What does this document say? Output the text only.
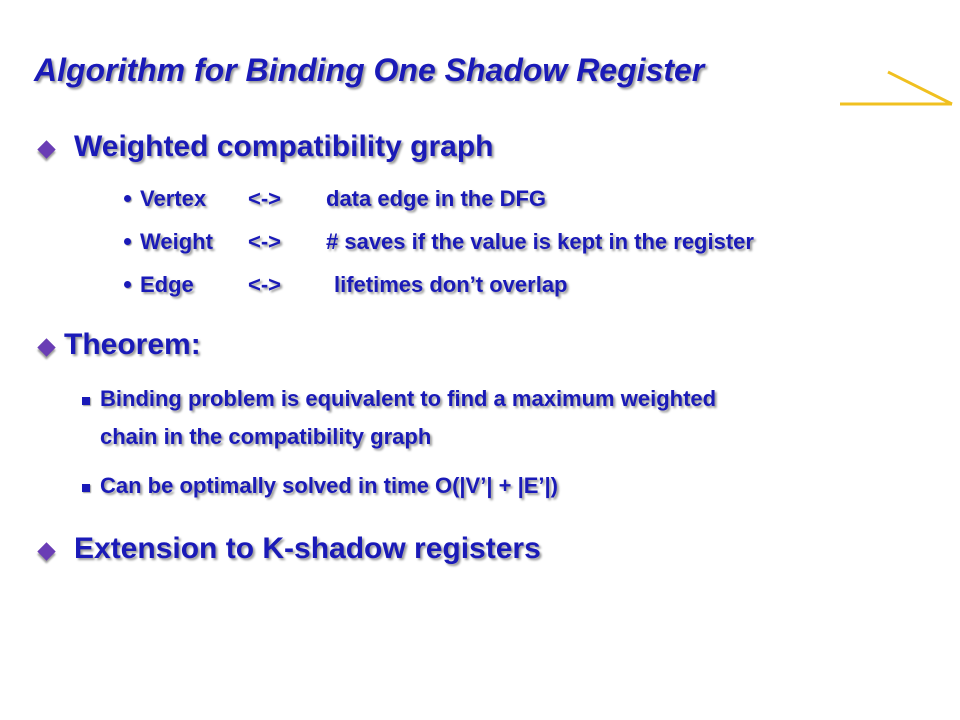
Algorithm for Binding One Shadow Register
Weighted compatibility graph
Vertex <-> data edge in the DFG
Weight <-> # saves if the value is kept in the register
Edge <-> lifetimes don’t overlap
Theorem:
Binding problem is equivalent to find a maximum weighted
chain in the compatibility graph
Can be optimally solved in time O(|V’| + |E’|)
Extension to K-shadow registers
